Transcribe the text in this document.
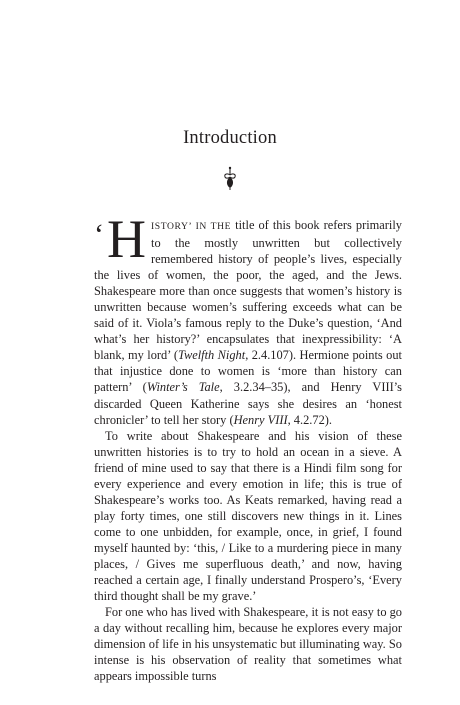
Introduction

‘ H ISTORY’ IN THE title of this book refers primarily to the mostly unwritten but collectively remembered history of people’s lives, especially the lives of women, the poor, the aged, and the Jews. Shakespeare more than once suggests that women’s history is unwritten because women’s suffering exceeds what can be said of it. Viola’s famous reply to the Duke’s question, ‘And what’s her history?’ encapsulates that inexpressibility: ‘A blank, my lord’ (Twelfth Night, 2.4.107). Hermione points out that injustice done to women is ‘more than history can pattern’ (Winter’s Tale, 3.2.34–35), and Henry VIII’s discarded Queen Katherine says she desires an ‘honest chronicler’ to tell her story (Henry VIII, 4.2.72).

To write about Shakespeare and his vision of these unwritten histories is to try to hold an ocean in a sieve. A friend of mine used to say that there is a Hindi film song for every experience and every emotion in life; this is true of Shakespeare’s works too. As Keats remarked, having read a play forty times, one still discovers new things in it. Lines come to one unbidden, for example, once, in grief, I found myself haunted by: ‘this, / Like to a murdering piece in many places, / Gives me superfluous death,’ and now, having reached a certain age, I finally understand Prospero’s, ‘Every third thought shall be my grave.’

For one who has lived with Shakespeare, it is not easy to go a day without recalling him, because he explores every major dimension of life in his unsystematic but illuminating way. So intense is his observation of reality that sometimes what appears impossible turns
